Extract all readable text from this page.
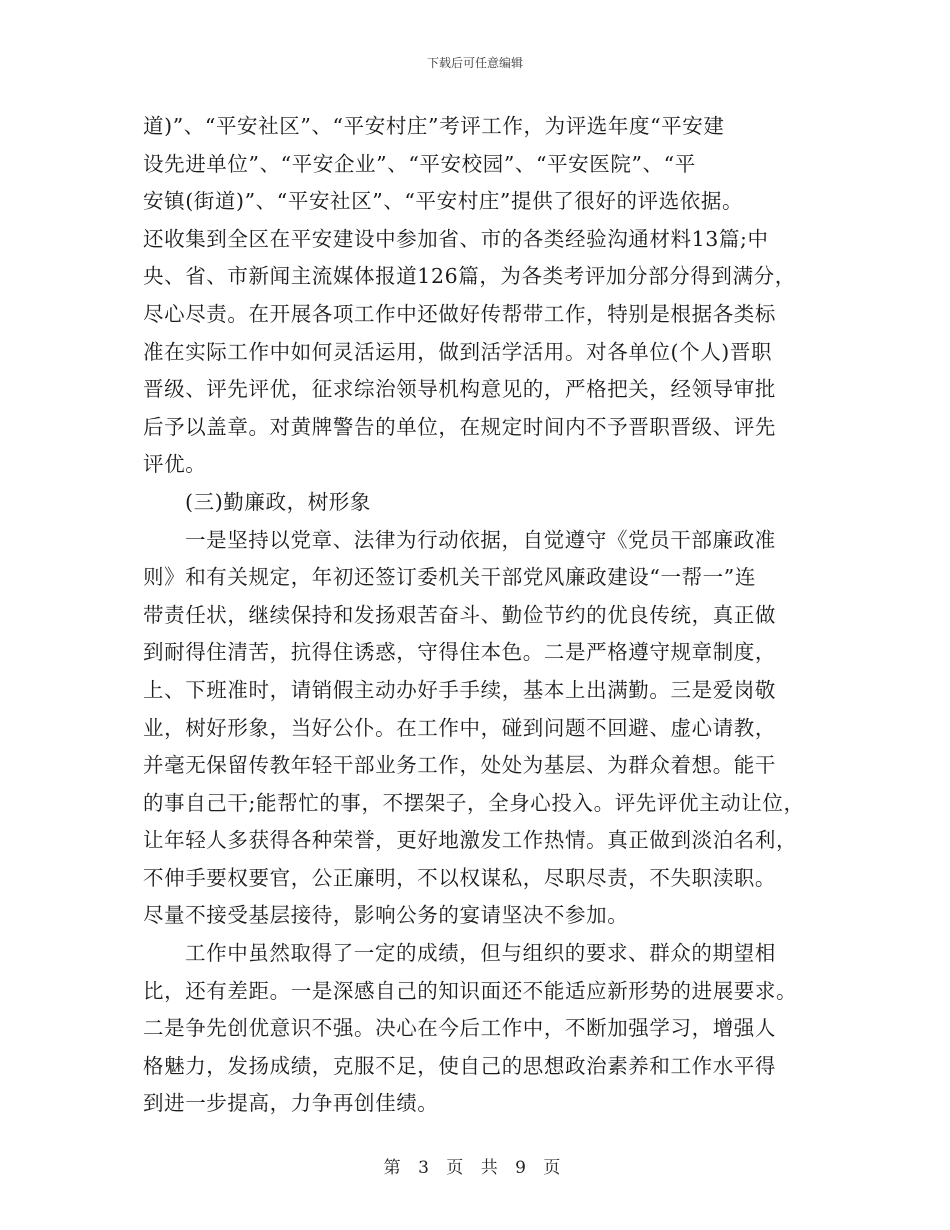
下载后可任意编辑
道)”、“平安社区”、“平安村庄”考评工作，为评选年度“平安建
设先进单位”、“平安企业”、“平安校园”、“平安医院”、“平
安镇(街道)”、“平安社区”、“平安村庄”提供了很好的评选依据。
还收集到全区在平安建设中参加省、市的各类经验沟通材料13篇;中
央、省、市新闻主流媒体报道126篇，为各类考评加分部分得到满分，
尽心尽责。在开展各项工作中还做好传帮带工作，特别是根据各类标
准在实际工作中如何灵活运用，做到活学活用。对各单位(个人)晋职
晋级、评先评优，征求综治领导机构意见的，严格把关，经领导审批
后予以盖章。对黄牌警告的单位，在规定时间内不予晋职晋级、评先
评优。
(三)勤廉政，树形象
一是坚持以党章、法律为行动依据，自觉遵守《党员干部廉政准
则》和有关规定，年初还签订委机关干部党风廉政建设“一帮一”连
带责任状，继续保持和发扬艰苦奋斗、勤俭节约的优良传统，真正做
到耐得住清苦，抗得住诱惑，守得住本色。二是严格遵守规章制度，
上、下班准时，请销假主动办好手手续，基本上出满勤。三是爱岗敬
业，树好形象，当好公仆。在工作中，碰到问题不回避、虚心请教，
并毫无保留传教年轻干部业务工作，处处为基层、为群众着想。能干
的事自己干;能帮忙的事，不摆架子，全身心投入。评先评优主动让位，
让年轻人多获得各种荣誉，更好地激发工作热情。真正做到淡泊名利，
不伸手要权要官，公正廉明，不以权谋私，尽职尽责，不失职渎职。
尽量不接受基层接待，影响公务的宴请坚决不参加。
工作中虽然取得了一定的成绩，但与组织的要求、群众的期望相
比，还有差距。一是深感自己的知识面还不能适应新形势的进展要求。
二是争先创优意识不强。决心在今后工作中，不断加强学习，增强人
格魅力，发扬成绩，克服不足，使自己的思想政治素养和工作水平得
到进一步提高，力争再创佳绩。
第 3 页 共 9 页
